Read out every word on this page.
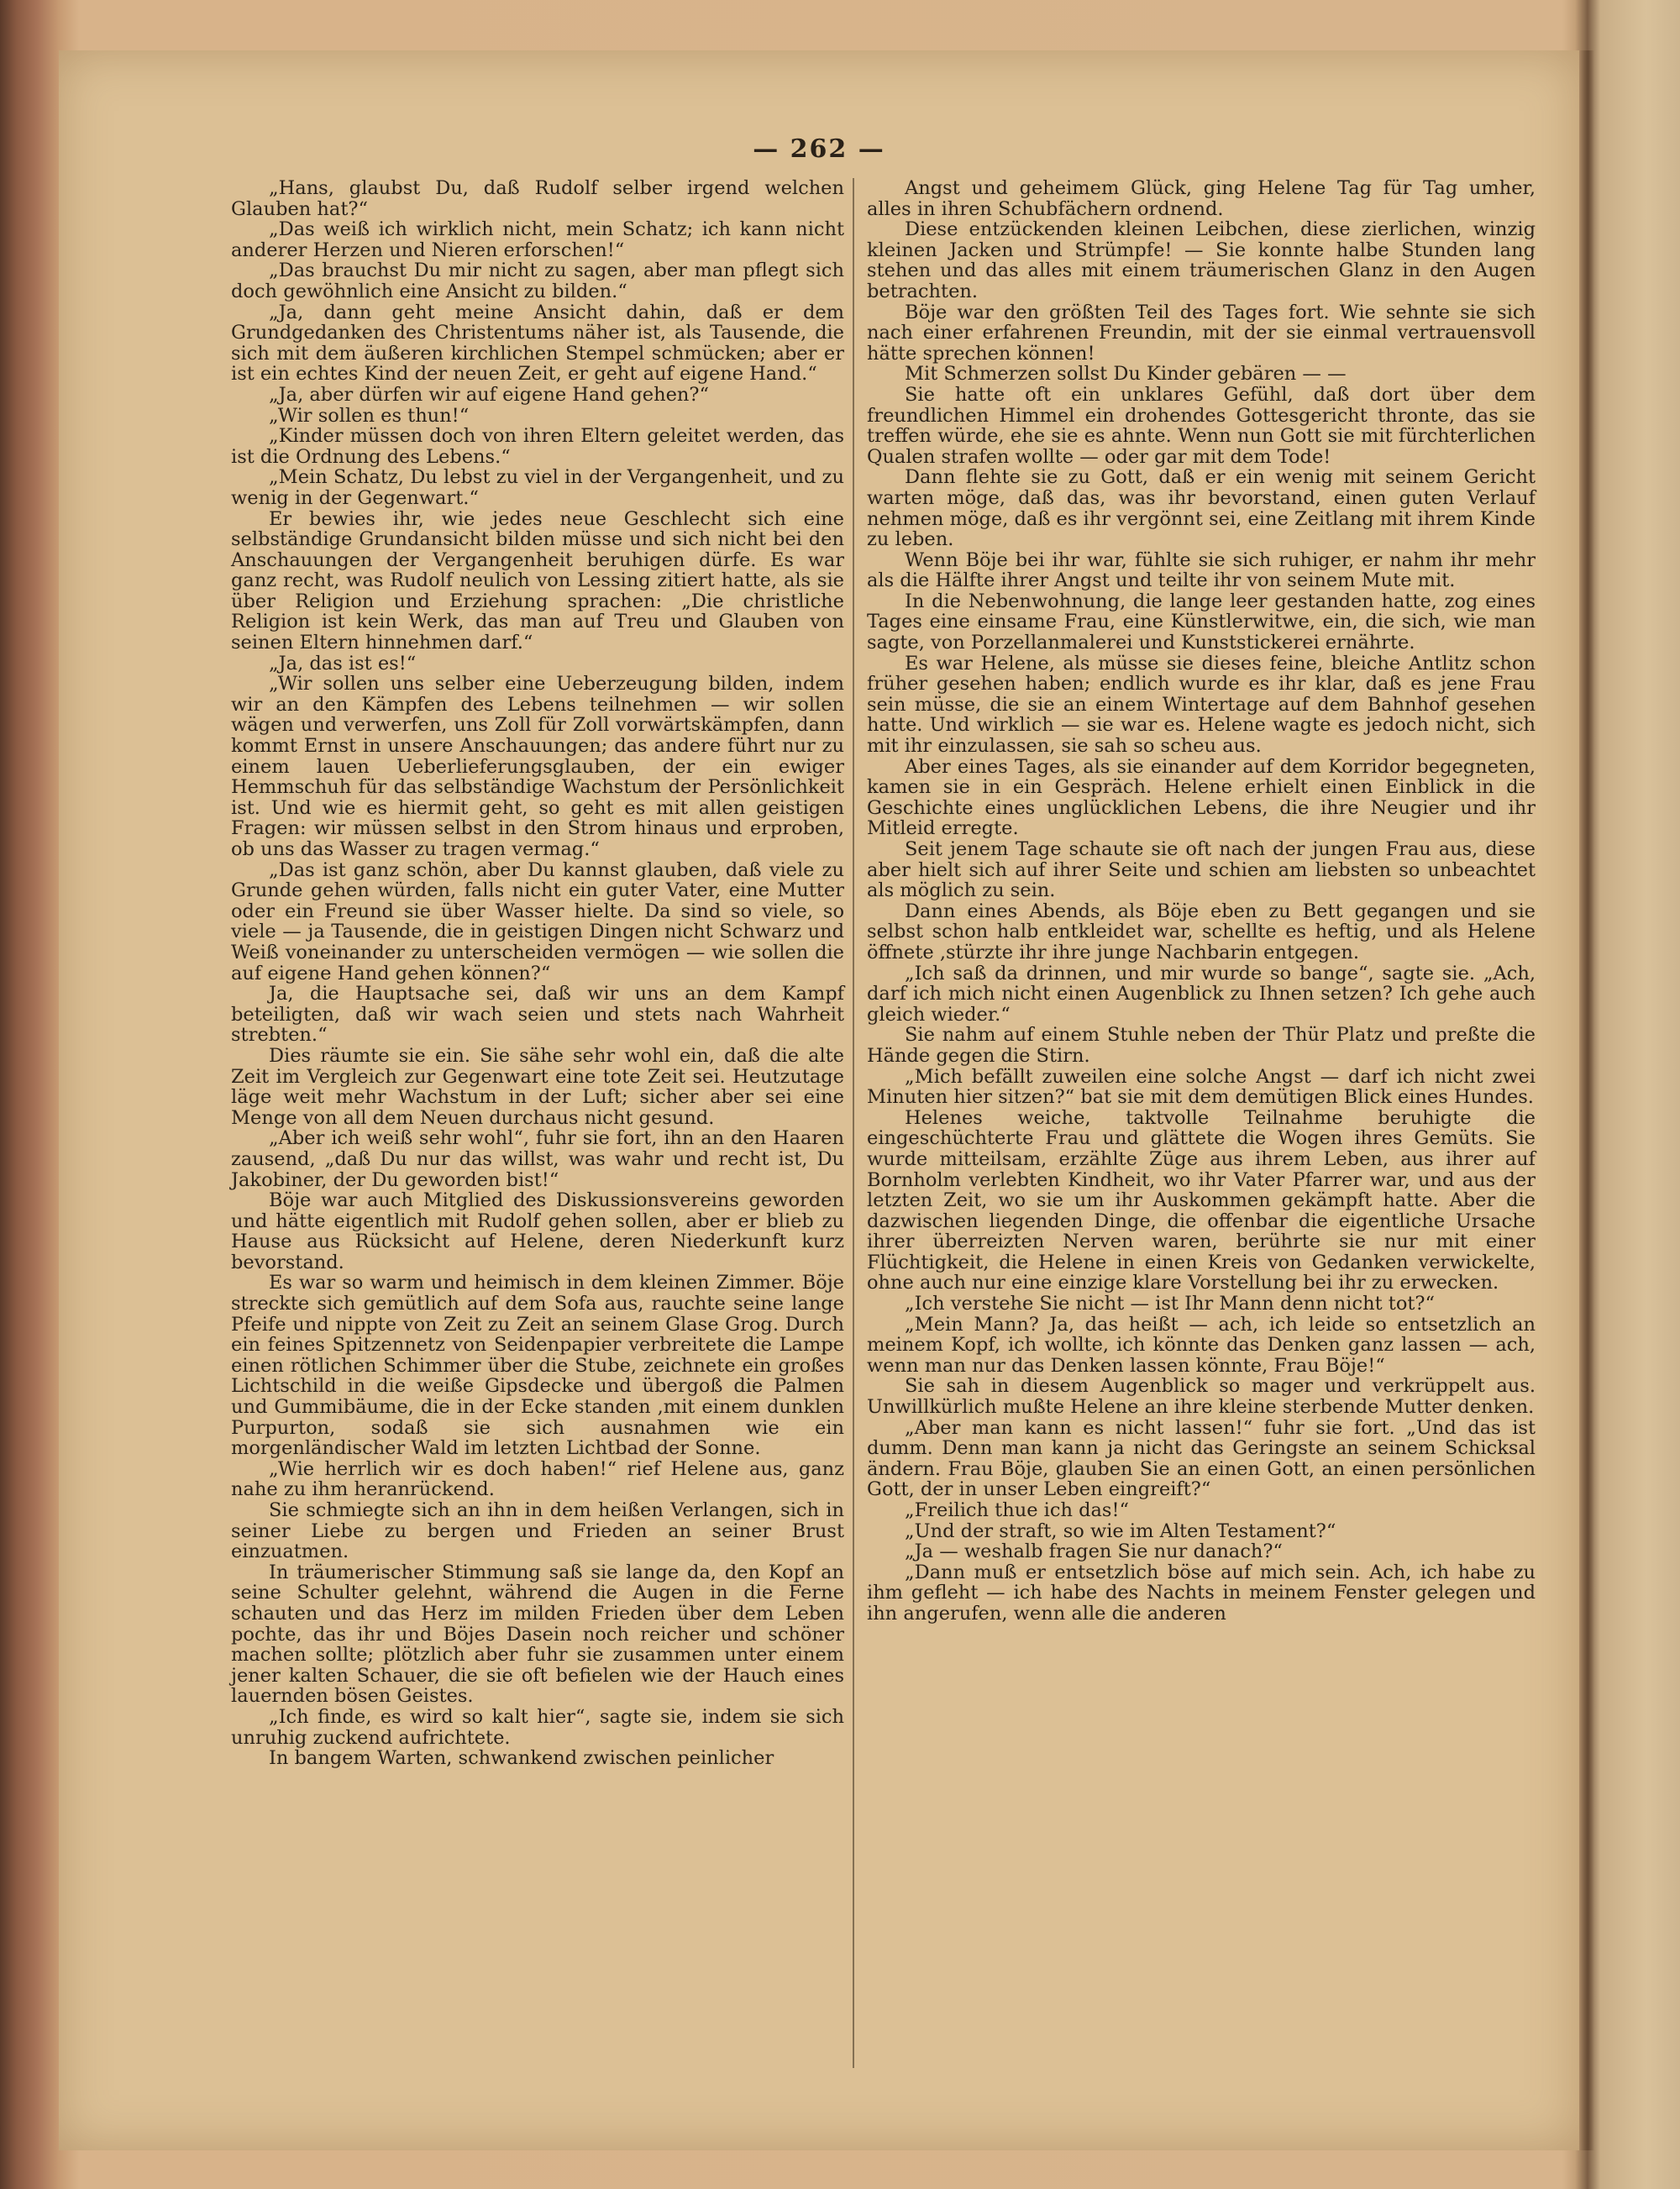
— 262 —

„Hans, glaubst Du, daß Rudolf selber irgend welchen Glauben hat?“

„Das weiß ich wirklich nicht, mein Schatz; ich kann nicht anderer Herzen und Nieren erforschen!“

„Das brauchst Du mir nicht zu sagen, aber man pflegt sich doch gewöhnlich eine Ansicht zu bilden.“

„Ja, dann geht meine Ansicht dahin, daß er dem Grundgedanken des Christentums näher ist, als Tausende, die sich mit dem äußeren kirchlichen Stempel schmücken; aber er ist ein echtes Kind der neuen Zeit, er geht auf eigene Hand.“

„Ja, aber dürfen wir auf eigene Hand gehen?“

„Wir sollen es thun!“

„Kinder müssen doch von ihren Eltern geleitet werden, das ist die Ordnung des Lebens.“

„Mein Schatz, Du lebst zu viel in der Vergangenheit, und zu wenig in der Gegenwart.“

Er bewies ihr, wie jedes neue Geschlecht sich eine selbständige Grundansicht bilden müsse und sich nicht bei den Anschauungen der Vergangenheit beruhigen dürfe. Es war ganz recht, was Rudolf neulich von Lessing zitiert hatte, als sie über Religion und Erziehung sprachen: „Die christliche Religion ist kein Werk, das man auf Treu und Glauben von seinen Eltern hinnehmen darf.“

„Ja, das ist es!“

„Wir sollen uns selber eine Ueberzeugung bilden, indem wir an den Kämpfen des Lebens teilnehmen — wir sollen wägen und verwerfen, uns Zoll für Zoll vorwärtskämpfen, dann kommt Ernst in unsere Anschauungen; das andere führt nur zu einem lauen Ueberlieferungsglauben, der ein ewiger Hemmschuh für das selbständige Wachstum der Persönlichkeit ist. Und wie es hiermit geht, so geht es mit allen geistigen Fragen: wir müssen selbst in den Strom hinaus und erproben, ob uns das Wasser zu tragen vermag.“

„Das ist ganz schön, aber Du kannst glauben, daß viele zu Grunde gehen würden, falls nicht ein guter Vater, eine Mutter oder ein Freund sie über Wasser hielte. Da sind so viele, so viele — ja Tausende, die in geistigen Dingen nicht Schwarz und Weiß voneinander zu unterscheiden vermögen — wie sollen die auf eigene Hand gehen können?“

Ja, die Hauptsache sei, daß wir uns an dem Kampf beteiligten, daß wir wach seien und stets nach Wahrheit strebten.“

Dies räumte sie ein. Sie sähe sehr wohl ein, daß die alte Zeit im Vergleich zur Gegenwart eine tote Zeit sei. Heutzutage läge weit mehr Wachstum in der Luft; sicher aber sei eine Menge von all dem Neuen durchaus nicht gesund.

„Aber ich weiß sehr wohl“, fuhr sie fort, ihn an den Haaren zausend, „daß Du nur das willst, was wahr und recht ist, Du Jakobiner, der Du geworden bist!“

Böje war auch Mitglied des Diskussionsvereins geworden und hätte eigentlich mit Rudolf gehen sollen, aber er blieb zu Hause aus Rücksicht auf Helene, deren Niederkunft kurz bevorstand.

Es war so warm und heimisch in dem kleinen Zimmer. Böje streckte sich gemütlich auf dem Sofa aus, rauchte seine lange Pfeife und nippte von Zeit zu Zeit an seinem Glase Grog. Durch ein feines Spitzennetz von Seidenpapier verbreitete die Lampe einen rötlichen Schimmer über die Stube, zeichnete ein großes Lichtschild in die weiße Gipsdecke und übergoß die Palmen und Gummibäume, die in der Ecke standen ,mit einem dunklen Purpurton, sodaß sie sich ausnahmen wie ein morgenländischer Wald im letzten Lichtbad der Sonne.

„Wie herrlich wir es doch haben!“ rief Helene aus, ganz nahe zu ihm heranrückend.

Sie schmiegte sich an ihn in dem heißen Verlangen, sich in seiner Liebe zu bergen und Frieden an seiner Brust einzuatmen.

In träumerischer Stimmung saß sie lange da, den Kopf an seine Schulter gelehnt, während die Augen in die Ferne schauten und das Herz im milden Frieden über dem Leben pochte, das ihr und Böjes Dasein noch reicher und schöner machen sollte; plötzlich aber fuhr sie zusammen unter einem jener kalten Schauer, die sie oft befielen wie der Hauch eines lauernden bösen Geistes.

„Ich finde, es wird so kalt hier“, sagte sie, indem sie sich unruhig zuckend aufrichtete.

In bangem Warten, schwankend zwischen peinlicher

Angst und geheimem Glück, ging Helene Tag für Tag umher, alles in ihren Schubfächern ordnend.

Diese entzückenden kleinen Leibchen, diese zierlichen, winzig kleinen Jacken und Strümpfe! — Sie konnte halbe Stunden lang stehen und das alles mit einem träumerischen Glanz in den Augen betrachten.

Böje war den größten Teil des Tages fort. Wie sehnte sie sich nach einer erfahrenen Freundin, mit der sie einmal vertrauensvoll hätte sprechen können!

Mit Schmerzen sollst Du Kinder gebären — —

Sie hatte oft ein unklares Gefühl, daß dort über dem freundlichen Himmel ein drohendes Gottesgericht thronte, das sie treffen würde, ehe sie es ahnte. Wenn nun Gott sie mit fürchterlichen Qualen strafen wollte — oder gar mit dem Tode!

Dann flehte sie zu Gott, daß er ein wenig mit seinem Gericht warten möge, daß das, was ihr bevorstand, einen guten Verlauf nehmen möge, daß es ihr vergönnt sei, eine Zeitlang mit ihrem Kinde zu leben.

Wenn Böje bei ihr war, fühlte sie sich ruhiger, er nahm ihr mehr als die Hälfte ihrer Angst und teilte ihr von seinem Mute mit.

In die Nebenwohnung, die lange leer gestanden hatte, zog eines Tages eine einsame Frau, eine Künstlerwitwe, ein, die sich, wie man sagte, von Porzellanmalerei und Kunststickerei ernährte.

Es war Helene, als müsse sie dieses feine, bleiche Antlitz schon früher gesehen haben; endlich wurde es ihr klar, daß es jene Frau sein müsse, die sie an einem Wintertage auf dem Bahnhof gesehen hatte. Und wirklich — sie war es. Helene wagte es jedoch nicht, sich mit ihr einzulassen, sie sah so scheu aus.

Aber eines Tages, als sie einander auf dem Korridor begegneten, kamen sie in ein Gespräch. Helene erhielt einen Einblick in die Geschichte eines unglücklichen Lebens, die ihre Neugier und ihr Mitleid erregte.

Seit jenem Tage schaute sie oft nach der jungen Frau aus, diese aber hielt sich auf ihrer Seite und schien am liebsten so unbeachtet als möglich zu sein.

Dann eines Abends, als Böje eben zu Bett gegangen und sie selbst schon halb entkleidet war, schellte es heftig, und als Helene öffnete ,stürzte ihr ihre junge Nachbarin entgegen.

„Ich saß da drinnen, und mir wurde so bange“, sagte sie. „Ach, darf ich mich nicht einen Augenblick zu Ihnen setzen? Ich gehe auch gleich wieder.“

Sie nahm auf einem Stuhle neben der Thür Platz und preßte die Hände gegen die Stirn.

„Mich befällt zuweilen eine solche Angst — darf ich nicht zwei Minuten hier sitzen?“ bat sie mit dem demütigen Blick eines Hundes.

Helenes weiche, taktvolle Teilnahme beruhigte die eingeschüchterte Frau und glättete die Wogen ihres Gemüts. Sie wurde mitteilsam, erzählte Züge aus ihrem Leben, aus ihrer auf Bornholm verlebten Kindheit, wo ihr Vater Pfarrer war, und aus der letzten Zeit, wo sie um ihr Auskommen gekämpft hatte. Aber die dazwischen liegenden Dinge, die offenbar die eigentliche Ursache ihrer überreizten Nerven waren, berührte sie nur mit einer Flüchtigkeit, die Helene in einen Kreis von Gedanken verwickelte, ohne auch nur eine einzige klare Vorstellung bei ihr zu erwecken.

„Ich verstehe Sie nicht — ist Ihr Mann denn nicht tot?“

„Mein Mann? Ja, das heißt — ach, ich leide so entsetzlich an meinem Kopf, ich wollte, ich könnte das Denken ganz lassen — ach, wenn man nur das Denken lassen könnte, Frau Böje!“

Sie sah in diesem Augenblick so mager und verkrüppelt aus. Unwillkürlich mußte Helene an ihre kleine sterbende Mutter denken.

„Aber man kann es nicht lassen!“ fuhr sie fort. „Und das ist dumm. Denn man kann ja nicht das Geringste an seinem Schicksal ändern. Frau Böje, glauben Sie an einen Gott, an einen persönlichen Gott, der in unser Leben eingreift?“

„Freilich thue ich das!“

„Und der straft, so wie im Alten Testament?“

„Ja — weshalb fragen Sie nur danach?“

„Dann muß er entsetzlich böse auf mich sein. Ach, ich habe zu ihm gefleht — ich habe des Nachts in meinem Fenster gelegen und ihn angerufen, wenn alle die anderen
